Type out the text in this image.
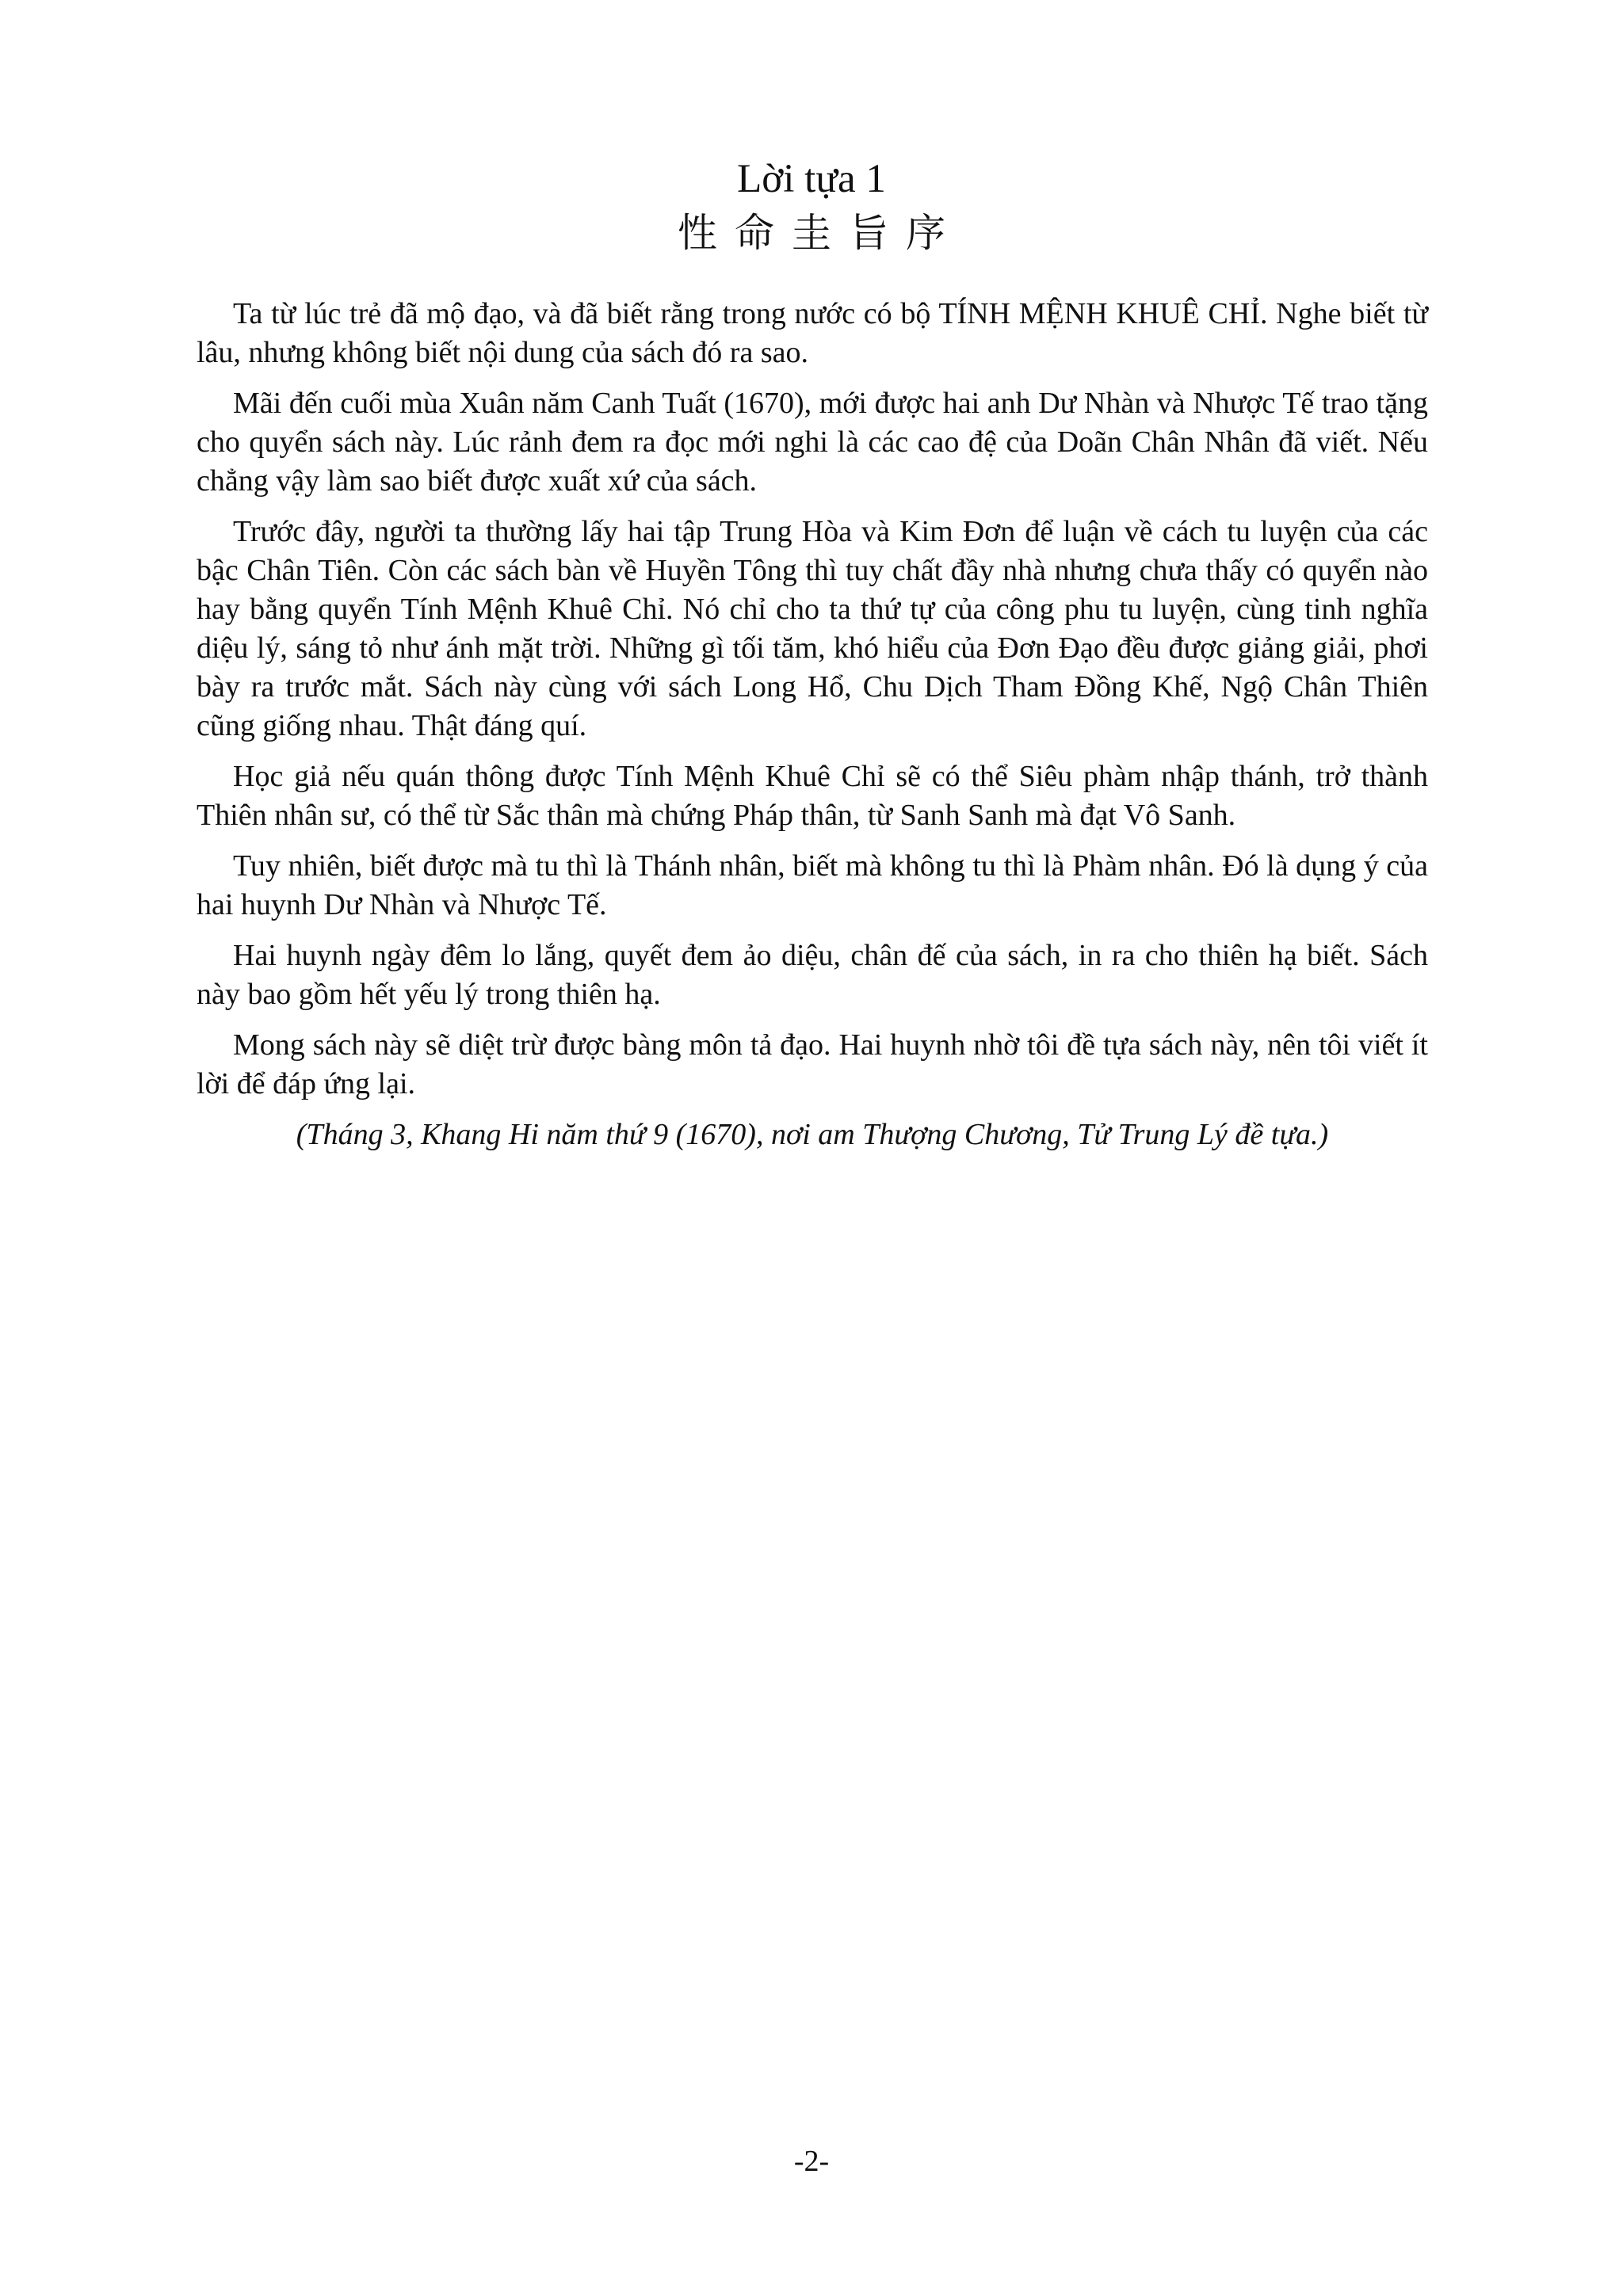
Lời tựa 1
性命圭旨序

Ta từ lúc trẻ đã mộ đạo, và đã biết rằng trong nước có bộ TÍNH MỆNH KHUÊ CHỈ. Nghe biết từ lâu, nhưng không biết nội dung của sách đó ra sao.

Mãi đến cuối mùa Xuân năm Canh Tuất (1670), mới được hai anh Dư Nhàn và Nhược Tế trao tặng cho quyển sách này. Lúc rảnh đem ra đọc mới nghi là các cao đệ của Doãn Chân Nhân đã viết. Nếu chẳng vậy làm sao biết được xuất xứ của sách.

Trước đây, người ta thường lấy hai tập Trung Hòa và Kim Đơn để luận về cách tu luyện của các bậc Chân Tiên. Còn các sách bàn về Huyền Tông thì tuy chất đầy nhà nhưng chưa thấy có quyển nào hay bằng quyển Tính Mệnh Khuê Chỉ. Nó chỉ cho ta thứ tự của công phu tu luyện, cùng tinh nghĩa diệu lý, sáng tỏ như ánh mặt trời. Những gì tối tăm, khó hiểu của Đơn Đạo đều được giảng giải, phơi bày ra trước mắt. Sách này cùng với sách Long Hổ, Chu Dịch Tham Đồng Khế, Ngộ Chân Thiên cũng giống nhau. Thật đáng quí.

Học giả nếu quán thông được Tính Mệnh Khuê Chỉ sẽ có thể Siêu phàm nhập thánh, trở thành Thiên nhân sư, có thể từ Sắc thân mà chứng Pháp thân, từ Sanh Sanh mà đạt Vô Sanh.

Tuy nhiên, biết được mà tu thì là Thánh nhân, biết mà không tu thì là Phàm nhân. Đó là dụng ý của hai huynh Dư Nhàn và Nhược Tế.

Hai huynh ngày đêm lo lắng, quyết đem ảo diệu, chân đế của sách, in ra cho thiên hạ biết. Sách này bao gồm hết yếu lý trong thiên hạ.

Mong sách này sẽ diệt trừ được bàng môn tả đạo. Hai huynh nhờ tôi đề tựa sách này, nên tôi viết ít lời để đáp ứng lại.

(Tháng 3, Khang Hi năm thứ 9 (1670), nơi am Thượng Chương, Tử Trung Lý đề tựa.)

-2-
